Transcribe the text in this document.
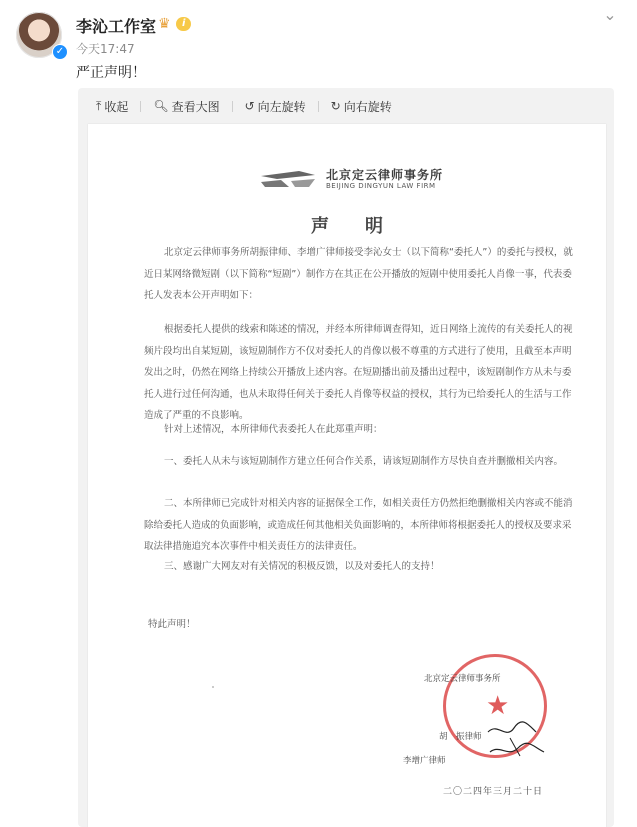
✓
李沁工作室 ♛	i
今天17:47
⌄
严正声明！
⤒ 收起 🔍︎ 查看大图 ↺ 向左旋转 ↻ 向右旋转
北京定云律师事务所
BEIJING DINGYUN LAW FIRM
声明
北京定云律师事务所胡振律师、李增广律师接受李沁女士（以下简称“委托人”）的委托与授权，就近日某网络微短剧（以下简称“短剧”）制作方在其正在公开播放的短剧中使用委托人肖像一事，代表委托人发表本公开声明如下：
根据委托人提供的线索和陈述的情况，并经本所律师调查得知，近日网络上流传的有关委托人的视频片段均出自某短剧，该短剧制作方不仅对委托人的肖像以极不尊重的方式进行了使用，且截至本声明发出之时，仍然在网络上持续公开播放上述内容。在短剧播出前及播出过程中，该短剧制作方从未与委托人进行过任何沟通，也从未取得任何关于委托人肖像等权益的授权，其行为已给委托人的生活与工作造成了严重的不良影响。
针对上述情况，本所律师代表委托人在此郑重声明：
一、委托人从未与该短剧制作方建立任何合作关系，请该短剧制作方尽快自查并删撤相关内容。
二、本所律师已完成针对相关内容的证据保全工作，如相关责任方仍然拒绝删撤相关内容或不能消除给委托人造成的负面影响，或造成任何其他相关负面影响的，本所律师将根据委托人的授权及要求采取法律措施追究本次事件中相关责任方的法律责任。
三、感谢广大网友对有关情况的积极反馈，以及对委托人的支持！
特此声明！
★
北京定云律师事务所
胡　振律师
李增广律师
二〇二四年三月二十日
